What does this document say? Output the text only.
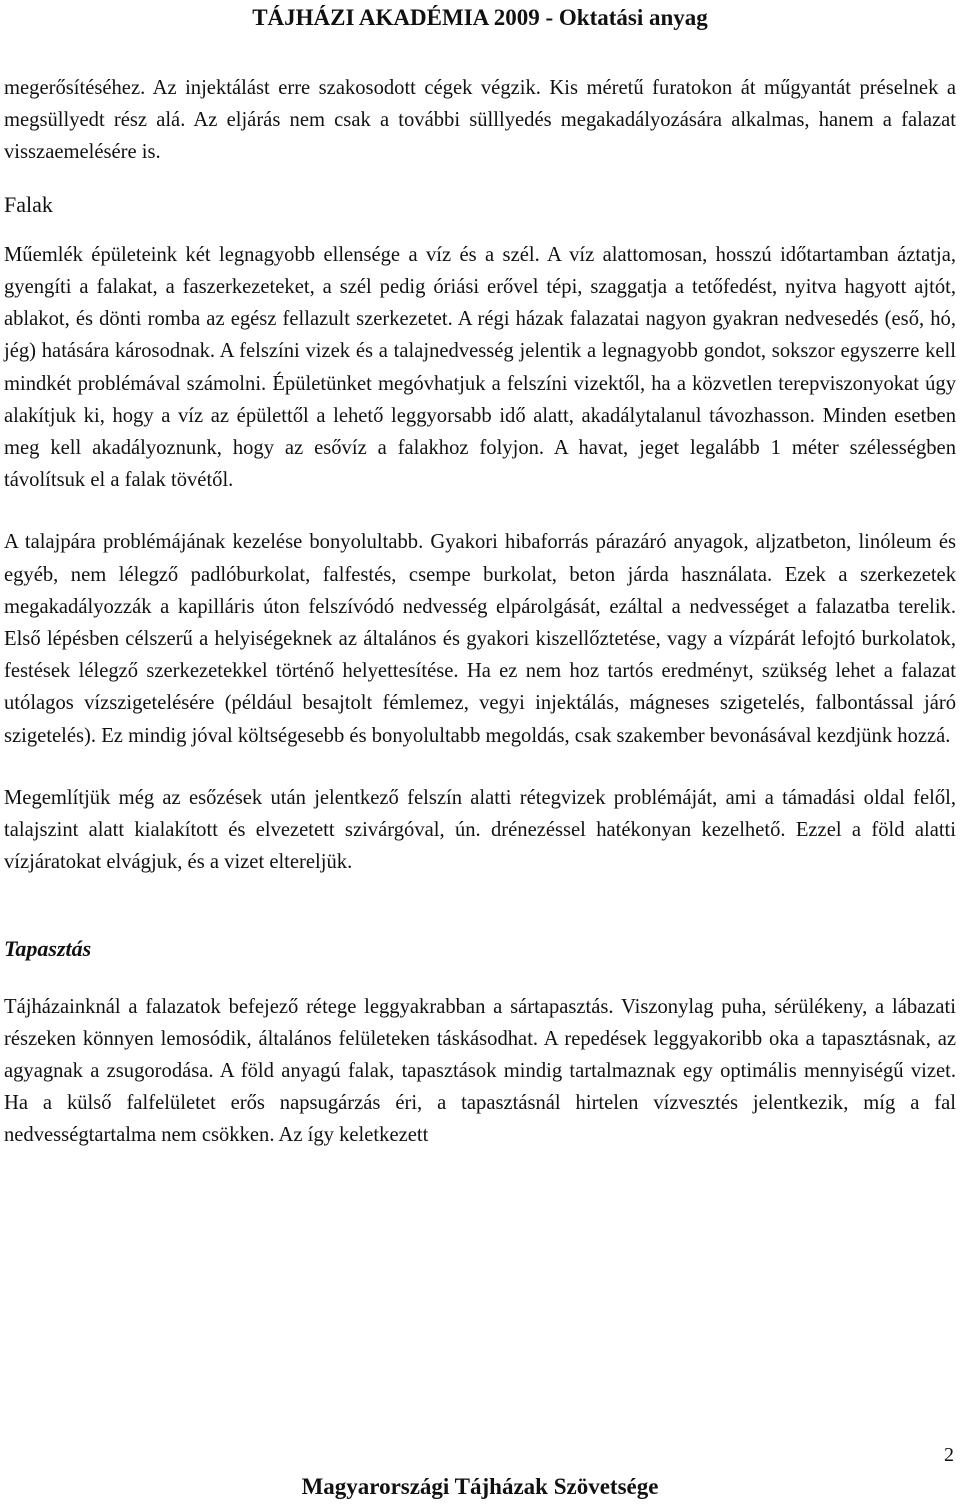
TÁJHÁZI AKADÉMIA 2009 - Oktatási anyag

megerősítéséhez. Az injektálást erre szakosodott cégek végzik. Kis méretű furatokon át műgyantát préselnek a megsüllyedt rész alá. Az eljárás nem csak a további sülllyedés megakadályozására alkalmas, hanem a falazat visszaemelésére is.

Falak

Műemlék épületeink két legnagyobb ellensége a víz és a szél. A víz alattomosan, hosszú időtartamban áztatja, gyengíti a falakat, a faszerkezeteket, a szél pedig óriási erővel tépi, szaggatja a tetőfedést, nyitva hagyott ajtót, ablakot, és dönti romba az egész fellazult szerkezetet. A régi házak falazatai nagyon gyakran nedvesedés (eső, hó, jég) hatására károsodnak. A felszíni vizek és a talajnedvesség jelentik a legnagyobb gondot, sokszor egyszerre kell mindkét problémával számolni. Épületünket megóvhatjuk a felszíni vizektől, ha a közvetlen terepviszonyokat úgy alakítjuk ki, hogy a víz az épülettől a lehető leggyorsabb idő alatt, akadálytalanul távozhasson. Minden esetben meg kell akadályoznunk, hogy az esővíz a falakhoz folyjon. A havat, jeget legalább 1 méter szélességben távolítsuk el a falak tövétől.

A talajpára problémájának kezelése bonyolultabb. Gyakori hibaforrás párazáró anyagok, aljzatbeton, linóleum és egyéb, nem lélegző padlóburkolat, falfestés, csempe burkolat, beton járda használata. Ezek a szerkezetek megakadályozzák a kapilláris úton felszívódó nedvesség elpárolgását, ezáltal a nedvességet a falazatba terelik. Első lépésben célszerű a helyiségeknek az általános és gyakori kiszellőztetése, vagy a vízpárát lefojtó burkolatok, festések lélegző szerkezetekkel történő helyettesítése. Ha ez nem hoz tartós eredményt, szükség lehet a falazat utólagos vízszigetelésére (például besajtolt fémlemez, vegyi injektálás, mágneses szigetelés, falbontással járó szigetelés). Ez mindig jóval költségesebb és bonyolultabb megoldás, csak szakember bevonásával kezdjünk hozzá.

Megemlítjük még az esőzések után jelentkező felszín alatti rétegvizek problémáját, ami a támadási oldal felől, talajszint alatt kialakított és elvezetett szivárgóval, ún. drénezéssel hatékonyan kezelhető. Ezzel a föld alatti vízjáratokat elvágjuk, és a vizet eltereljük.

Tapasztás

Tájházainknál a falazatok befejező rétege leggyakrabban a sártapasztás. Viszonylag puha, sérülékeny, a lábazati részeken könnyen lemosódik, általános felületeken táskásodhat. A repedések leggyakoribb oka a tapasztásnak, az agyagnak a zsugorodása. A föld anyagú falak, tapasztások mindig tartalmaznak egy optimális mennyiségű vizet. Ha a külső falfelületet erős napsugárzás éri, a tapasztásnál hirtelen vízvesztés jelentkezik, míg a fal nedvességtartalma nem csökken. Az így keletkezett

2
Magyarországi Tájházak Szövetsége
